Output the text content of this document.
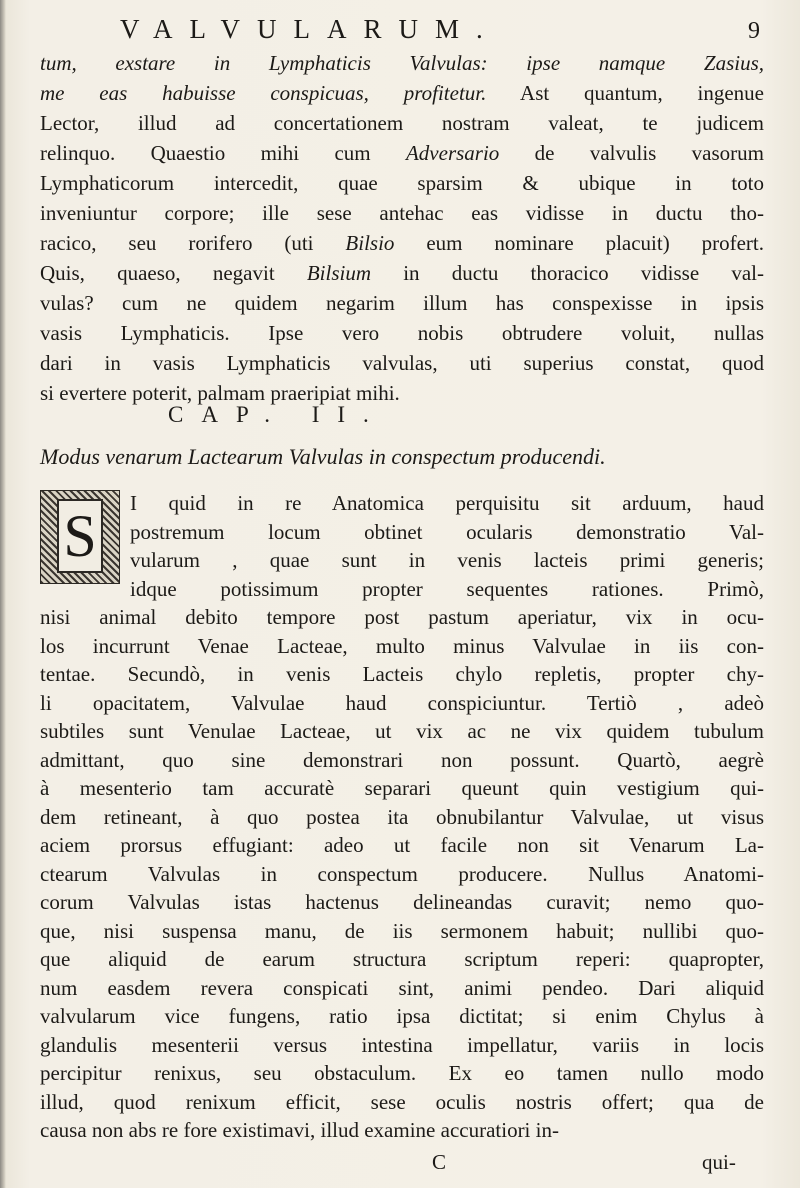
VALVULARUM.	9
tum, exstare in Lymphaticis Valvulas: ipse namque Zasius,
me eas habuisse conspicuas, profitetur. Ast quantum, ingenue
Lector, illud ad concertationem nostram valeat, te judicem
relinquo. Quaestio mihi cum Adversario de valvulis vasorum
Lymphaticorum intercedit, quae sparsim & ubique in toto
inveniuntur corpore; ille sese antehac eas vidisse in ductu tho-
racico, seu rorifero (uti Bilsio eum nominare placuit) profert.
Quis, quaeso, negavit Bilsium in ductu thoracico vidisse val-
vulas? cum ne quidem negarim illum has conspexisse in ipsis
vasis Lymphaticis. Ipse vero nobis obtrudere voluit, nullas
dari in vasis Lymphaticis valvulas, uti superius constat, quod
si evertere poterit, palmam praeripiat mihi.
CAP. II.
Modus venarum Lactearum Valvulas in conspectum producendi.
S	I quid in re Anatomica perquisitu sit arduum, haud
postremum locum obtinet ocularis demonstratio Val-
vularum , quae sunt in venis lacteis primi generis;
idque potissimum propter sequentes rationes. Primò,
nisi animal debito tempore post pastum aperiatur, vix in ocu-
los incurrunt Venae Lacteae, multo minus Valvulae in iis con-
tentae. Secundò, in venis Lacteis chylo repletis, propter chy-
li opacitatem, Valvulae haud conspiciuntur. Tertiò , adeò
subtiles sunt Venulae Lacteae, ut vix ac ne vix quidem tubulum
admittant, quo sine demonstrari non possunt. Quartò, aegrè
à mesenterio tam accuratè separari queunt quin vestigium qui-
dem retineant, à quo postea ita obnubilantur Valvulae, ut visus
aciem prorsus effugiant: adeo ut facile non sit Venarum La-
ctearum Valvulas in conspectum producere. Nullus Anatomi-
corum Valvulas istas hactenus delineandas curavit; nemo quo-
que, nisi suspensa manu, de iis sermonem habuit; nullibi quo-
que aliquid de earum structura scriptum reperi: quapropter,
num easdem revera conspicati sint, animi pendeo. Dari aliquid
valvularum vice fungens, ratio ipsa dictitat; si enim Chylus à
glandulis mesenterii versus intestina impellatur, variis in locis
percipitur renixus, seu obstaculum. Ex eo tamen nullo modo
illud, quod renixum efficit, sese oculis nostris offert; qua de
causa non abs re fore existimavi, illud examine accuratiori in-
C	qui-
